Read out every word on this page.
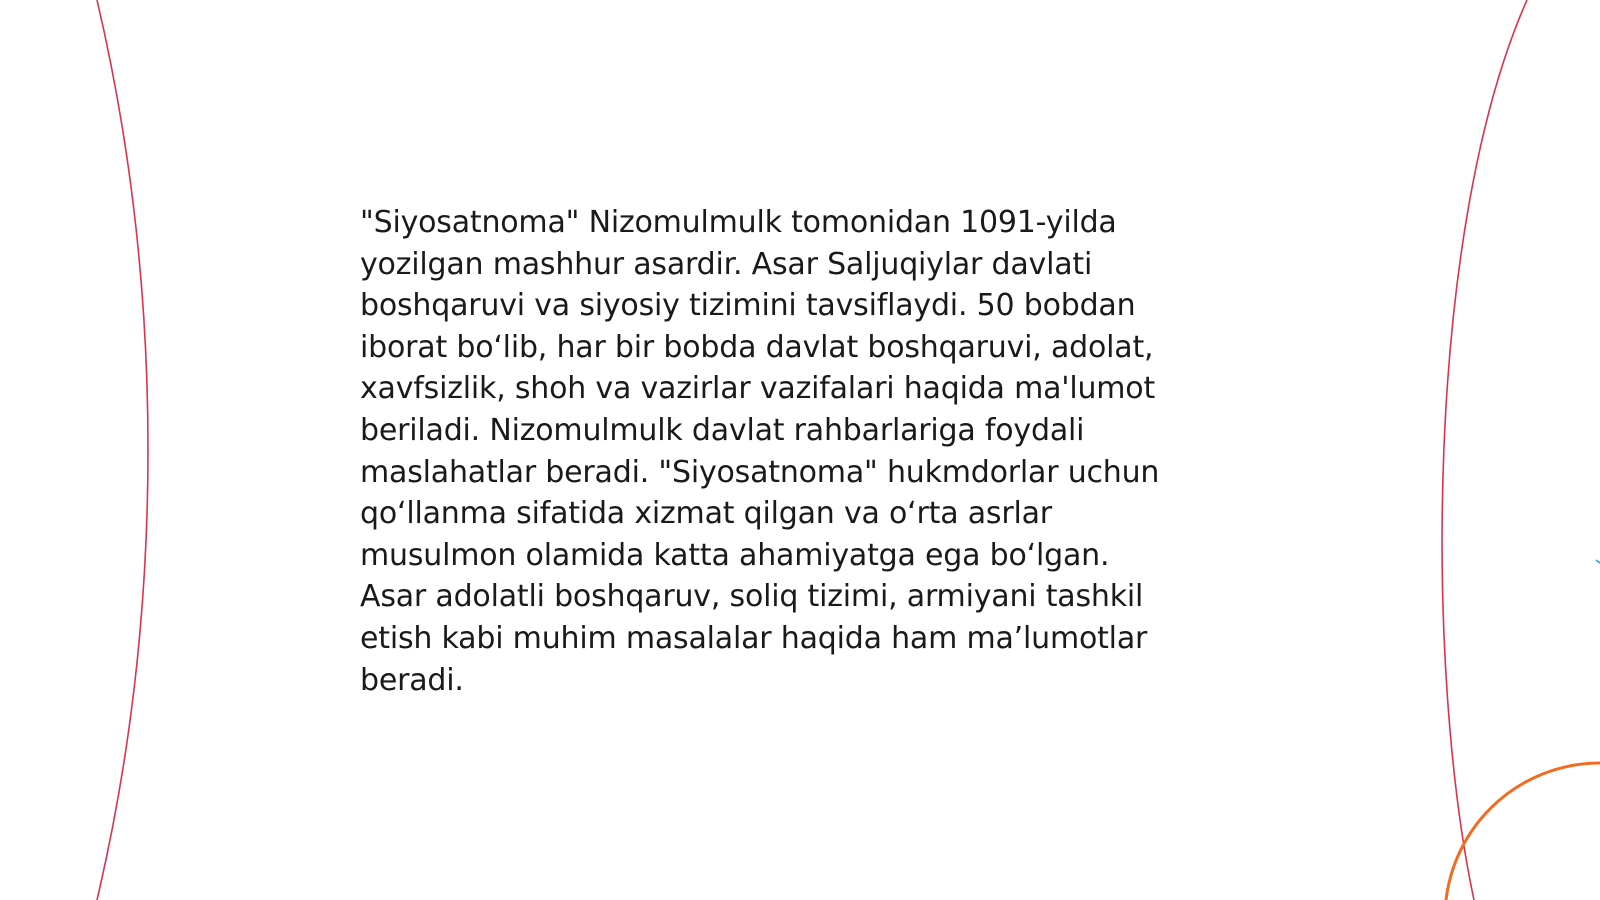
"Siyosatnoma" Nizomulmulk tomonidan 1091-yilda
yozilgan mashhur asardir. Asar Saljuqiylar davlati
boshqaruvi va siyosiy tizimini tavsiflaydi. 50 bobdan
iborat bo‘lib, har bir bobda davlat boshqaruvi, adolat,
xavfsizlik, shoh va vazirlar vazifalari haqida ma'lumot
beriladi. Nizomulmulk davlat rahbarlariga foydali
maslahatlar beradi. "Siyosatnoma" hukmdorlar uchun
qo‘llanma sifatida xizmat qilgan va o‘rta asrlar
musulmon olamida katta ahamiyatga ega bo‘lgan.
Asar adolatli boshqaruv, soliq tizimi, armiyani tashkil
etish kabi muhim masalalar haqida ham ma’lumotlar
beradi.
